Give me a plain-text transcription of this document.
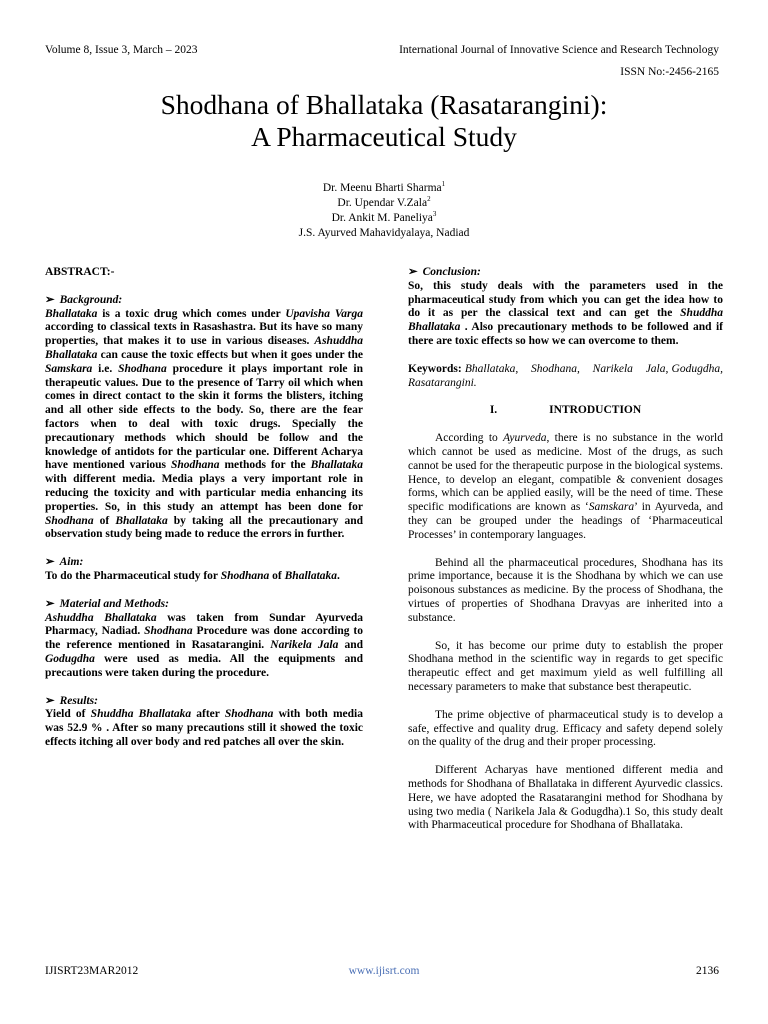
Volume 8, Issue 3, March – 2023	International Journal of Innovative Science and Research Technology
ISSN No:-2456-2165
Shodhana of Bhallataka (Rasatarangini):
A Pharmaceutical Study
Dr. Meenu Bharti Sharma$^1$
Dr. Upendar V.Zala$^2$
Dr. Ankit M. Paneliya$^3$
J.S. Ayurved Mahavidyalaya, Nadiad

ABSTRACT:-

➢ Background:

Bhallataka is a toxic drug which comes under Upavisha Varga according to classical texts in Rasashastra. But its have so many properties, that makes it to use in various diseases. Ashuddha Bhallataka can cause the toxic effects but when it goes under the Samskara i.e. Shodhana procedure it plays important role in therapeutic values. Due to the presence of Tarry oil which when comes in direct contact to the skin it forms the blisters, itching and all other side effects to the body. So, there are the fear factors when to deal with toxic drugs. Specially the precautionary methods which should be follow and the knowledge of antidots for the particular one. Different Acharya have mentioned various Shodhana methods for the Bhallataka with different media. Media plays a very important role in reducing the toxicity and with particular media enhancing its properties. So, in this study an attempt has been done for Shodhana of Bhallataka by taking all the precautionary and observation study being made to reduce the errors in further.

➢ Aim:

To do the Pharmaceutical study for Shodhana of Bhallataka.

➢ Material and Methods:

Ashuddha Bhallataka was taken from Sundar Ayurveda Pharmacy, Nadiad. Shodhana Procedure was done according to the reference mentioned in Rasatarangini. Narikela Jala and Godugdha were used as media. All the equipments and precautions were taken during the procedure.

➢ Results:

Yield of Shuddha Bhallataka after Shodhana with both media was 52.9 % . After so many precautions still it showed the toxic effects itching all over body and red patches all over the skin.

➢ Conclusion:

So, this study deals with the parameters used in the pharmaceutical study from which you can get the idea how to do it as per the classical text and can get the Shuddha Bhallataka . Also precautionary methods to be followed and if there are toxic effects so how we can overcome to them.

Keywords: Bhallataka,    Shodhana,    Narikela    Jala, Godugdha, Rasatarangini.

I.	INTRODUCTION

According to Ayurveda, there is no substance in the world which cannot be used as medicine. Most of the drugs, as such cannot be used for the therapeutic purpose in the biological systems. Hence, to develop an elegant, compatible & convenient dosages forms, which can be applied easily, will be the need of time. These specific modifications are known as ‘Samskara’ in Ayurveda, and they can be grouped under the headings of ‘Pharmaceutical Processes’ in contemporary languages.

Behind all the pharmaceutical procedures, Shodhana has its prime importance, because it is the Shodhana by which we can use poisonous substances as medicine. By the process of Shodhana, the virtues of properties of Shodhana Dravyas are inherited into a substance.

So, it has become our prime duty to establish the proper Shodhana method in the scientific way in regards to get specific therapeutic effect and get maximum yield as well fulfilling all necessary parameters to make that substance best therapeutic.

The prime objective of pharmaceutical study is to develop a safe, effective and quality drug. Efficacy and safety depend solely on the quality of the drug and their proper processing.

Different Acharyas have mentioned different media and methods for Shodhana of Bhallataka in different Ayurvedic classics. Here, we have adopted the Rasatarangini method for Shodhana by using two media ( Narikela Jala & Godugdha).1 So, this study dealt with Pharmaceutical procedure for Shodhana of Bhallataka.

IJISRT23MAR2012	www.ijisrt.com	2136
